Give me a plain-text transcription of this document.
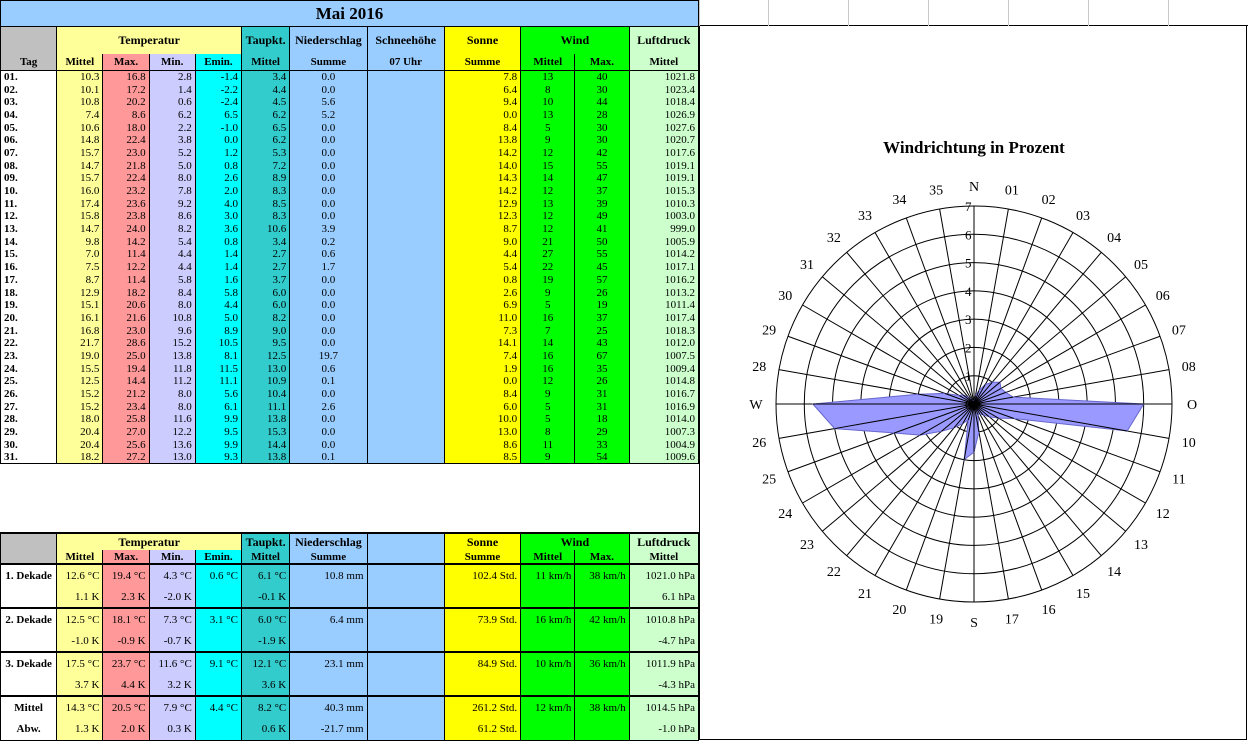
Mai 2016
	Temperatur				Taupkt.	Niederschlag	Schneehöhe	Sonne	Wind		Luftdruck
Tag	Mittel	Max.	Min.	Emin.	Mittel	Summe	07 Uhr	Summe	Mittel	Max.	Mittel
01.	10.3	16.8	2.8	-1.4	3.4	0.0		7.8	13	40	1021.8
02.	10.1	17.2	1.4	-2.2	4.4	0.0		6.4	8	30	1023.4
03.	10.8	20.2	0.6	-2.4	4.5	5.6		9.4	10	44	1018.4
04.	7.4	8.6	6.2	6.5	6.2	5.2		0.0	13	28	1026.9
05.	10.6	18.0	2.2	-1.0	6.5	0.0		8.4	5	30	1027.6
06.	14.8	22.4	3.8	0.0	6.2	0.0		13.8	9	30	1020.7
07.	15.7	23.0	5.2	1.2	5.3	0.0		14.2	12	42	1017.6
08.	14.7	21.8	5.0	0.8	7.2	0.0		14.0	15	55	1019.1
09.	15.7	22.4	8.0	2.6	8.9	0.0		14.3	14	47	1019.1
10.	16.0	23.2	7.8	2.0	8.3	0.0		14.2	12	37	1015.3
11.	17.4	23.6	9.2	4.0	8.5	0.0		12.9	13	39	1010.3
12.	15.8	23.8	8.6	3.0	8.3	0.0		12.3	12	49	1003.0
13.	14.7	24.0	8.2	3.6	10.6	3.9		8.7	12	41	999.0
14.	9.8	14.2	5.4	0.8	3.4	0.2		9.0	21	50	1005.9
15.	7.0	11.4	4.4	1.4	2.7	0.6		4.4	27	55	1014.2
16.	7.5	12.2	4.4	1.4	2.7	1.7		5.4	22	45	1017.1
17.	8.7	11.4	5.8	1.6	3.7	0.0		0.8	19	57	1016.2
18.	12.9	18.2	8.4	5.8	6.0	0.0		2.6	9	26	1013.2
19.	15.1	20.6	8.0	4.4	6.0	0.0		6.9	5	19	1011.4
20.	16.1	21.6	10.8	5.0	8.2	0.0		11.0	16	37	1017.4
21.	16.8	23.0	9.6	8.9	9.0	0.0		7.3	7	25	1018.3
22.	21.7	28.6	15.2	10.5	9.5	0.0		14.1	14	43	1012.0
23.	19.0	25.0	13.8	8.1	12.5	19.7		7.4	16	67	1007.5
24.	15.5	19.4	11.8	11.5	13.0	0.6		1.9	16	35	1009.4
25.	12.5	14.4	11.2	11.1	10.9	0.1		0.0	12	26	1014.8
26.	15.2	21.2	8.0	5.6	10.4	0.0		8.4	9	31	1016.7
27.	15.2	23.4	8.0	6.1	11.1	2.6		6.0	5	31	1016.9
28.	18.0	25.8	11.6	9.9	13.8	0.0		10.0	5	18	1014.0
29.	20.4	27.0	12.2	9.5	15.3	0.0		13.0	8	29	1007.3
30.	20.4	25.6	13.6	9.9	14.4	0.0		8.6	11	33	1004.9
31.	18.2	27.2	13.0	9.3	13.8	0.1		8.5	9	54	1009.6
	Temperatur				Taupkt.	Niederschlag		Sonne	Wind		Luftdruck
	Mittel	Max.	Min.	Emin.	Mittel	Summe		Summe	Mittel	Max.	Mittel
1. Dekade	12.6 °C	19.4 °C	4.3 °C	0.6 °C	6.1 °C	10.8 mm		102.4 Std.	11 km/h	38 km/h	1021.0 hPa
	1.1 K	2.3 K	-2.0 K		-0.1 K						6.1 hPa
2. Dekade	12.5 °C	18.1 °C	7.3 °C	3.1 °C	6.0 °C	6.4 mm		73.9 Std.	16 km/h	42 km/h	1010.8 hPa
	-1.0 K	-0.9 K	-0.7 K		-1.9 K						-4.7 hPa
3. Dekade	17.5 °C	23.7 °C	11.6 °C	9.1 °C	12.1 °C	23.1 mm		84.9 Std.	10 km/h	36 km/h	1011.9 hPa
	3.7 K	4.4 K	3.2 K		3.6 K						-4.3 hPa
Mittel	14.3 °C	20.5 °C	7.9 °C	4.4 °C	8.2 °C	40.3 mm		261.2 Std.	12 km/h	38 km/h	1014.5 hPa
Abw.	1.3 K	2.0 K	0.3 K		0.6 K	-21.7 mm		61.2 Std.			-1.0 hPa
Windrichtung in Prozent
0
1
2
3
4
5
6
7
N 01
02
03
04
05
06
07
08
O
10
11
12
13
14
15
16
17
S
19
20
21
22
23
24
25
26
W
28
29
30
31
32
33
34
35
